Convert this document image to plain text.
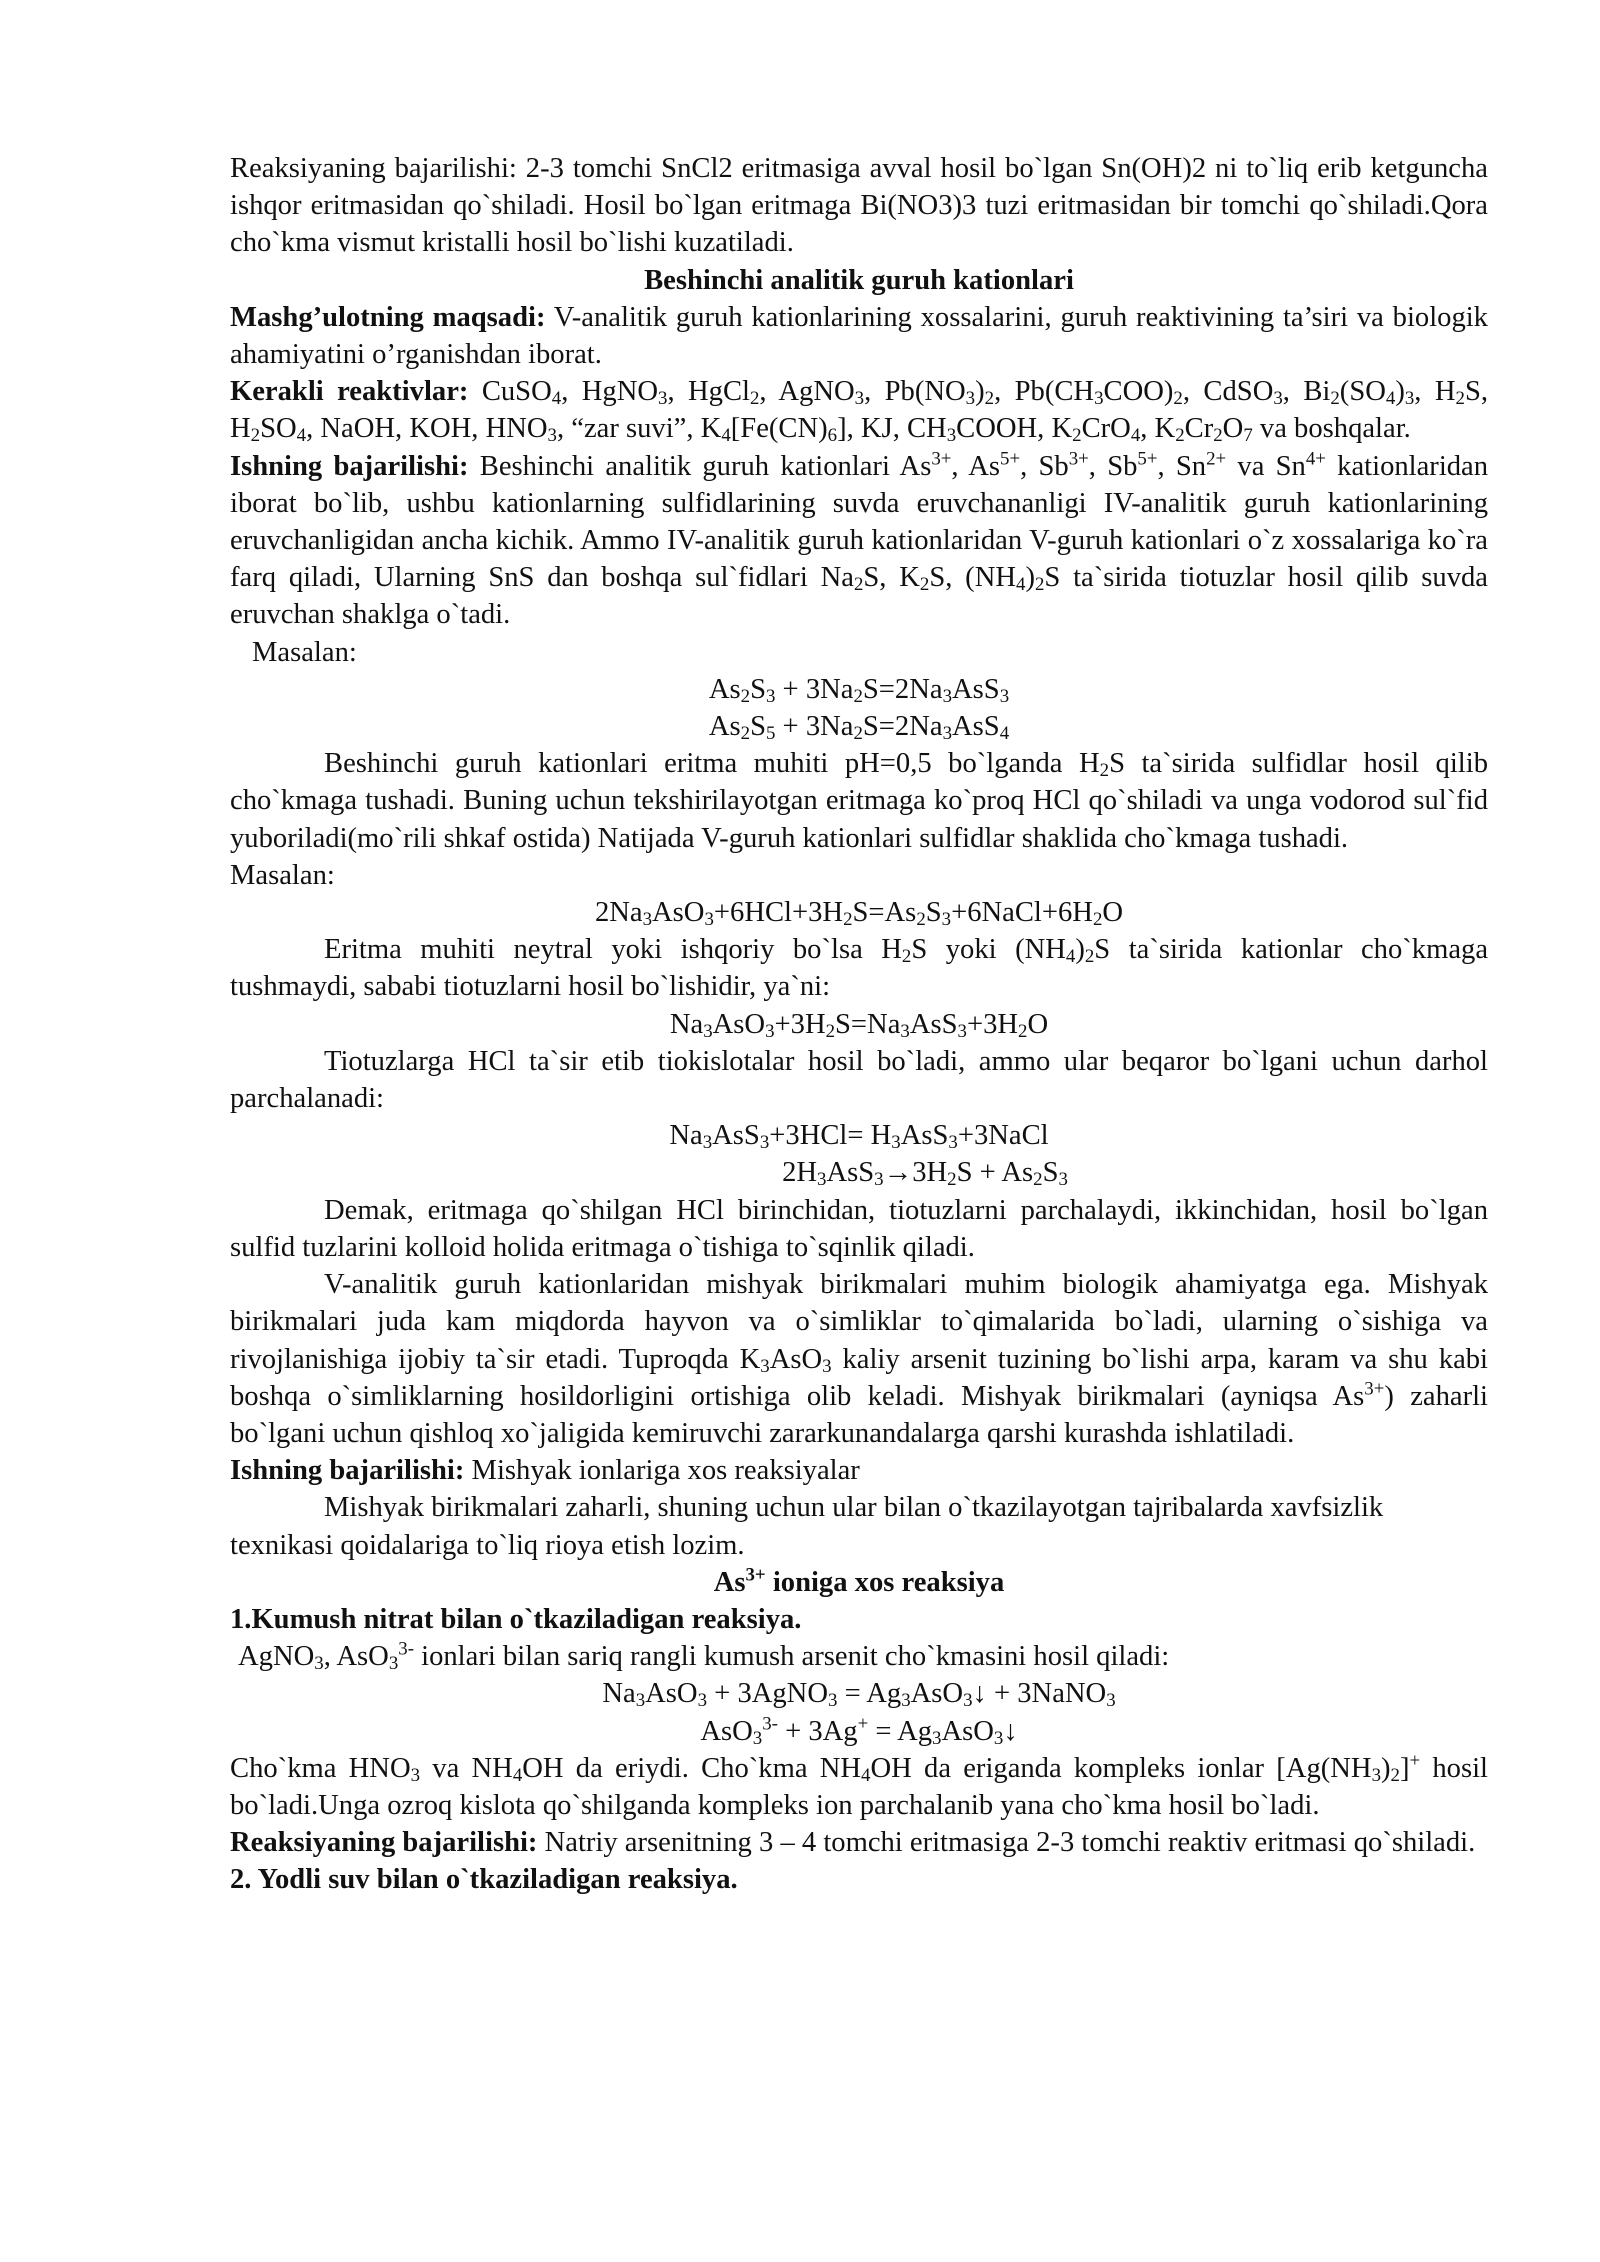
Reaksiyaning bajarilishi: 2-3 tomchi SnCl2 eritmasiga avval hosil bo`lgan Sn(OH)2 ni to`liq erib ketguncha ishqor eritmasidan qo`shiladi. Hosil bo`lgan eritmaga Bi(NO3)3 tuzi eritmasidan bir tomchi qo`shiladi.Qora cho`kma vismut kristalli hosil bo`lishi kuzatiladi.

Beshinchi analitik guruh kationlari

Mashg’ulotning maqsadi: V-analitik guruh kationlarining xossalarini, guruh reaktivining ta’siri va biologik ahamiyatini o’rganishdan iborat.

Kerakli reaktivlar: CuSO$_4$, HgNO$_3$, HgCl$_2$, AgNO$_3$, $Pb(NO_3)_2$, $Pb(CH_3COO)_2$, CdSO$_3$, $Bi_2(SO_4)_3$, $H_2S$, $H_2SO_4$, NaOH, KOH, $HNO_3$, “zar suvi”, $K_4[Fe(CN)_6]$, KJ, $CH_3COOH$, $K_2CrO_4$, $K_2Cr_2O_7$ va boshqalar.

Ishning bajarilishi: Beshinchi analitik guruh kationlari $As^{3+}$, $As^{5+}$, $Sb^{3+}$, $Sb^{5+}$, $Sn^{2+}$ va $Sn^{4+}$ kationlaridan iborat bo`lib, ushbu kationlarning sulfidlarining suvda eruvchananligi IV-analitik guruh kationlarining eruvchanligidan ancha kichik. Ammo IV-analitik guruh kationlaridan V-guruh kationlari o`z xossalariga ko`ra farq qiladi, Ularning SnS dan boshqa sul`fidlari $Na_2S$, $K_2S$, $(NH_4)_2S$ ta`sirida tiotuzlar hosil qilib suvda eruvchan shaklga o`tadi.

Masalan:

$As_2S_3 + 3Na_2S=2Na_3AsS_3$

$As_2S_5 + 3Na_2S=2Na_3AsS_4$

Beshinchi guruh kationlari eritma muhiti pH=0,5 bo`lganda $H_2S$ ta`sirida sulfidlar hosil qilib cho`kmaga tushadi. Buning uchun tekshirilayotgan eritmaga ko`proq HCl qo`shiladi va unga vodorod sul`fid yuboriladi(mo`rili shkaf ostida) Natijada V-guruh kationlari sulfidlar shaklida cho`kmaga tushadi.

Masalan:

$2Na_3AsO_3+6HCl+3H_2S=As_2S_3+6NaCl+6H_2O$

Eritma muhiti neytral yoki ishqoriy bo`lsa $H_2S$ yoki $(NH_4)_2S$ ta`sirida kationlar cho`kmaga tushmaydi, sababi tiotuzlarni hosil bo`lishidir, ya`ni:

$Na_3AsO_3+3H_2S=Na_3AsS_3+3H_2O$

Tiotuzlarga HCl ta`sir etib tiokislotalar hosil bo`ladi, ammo ular beqaror bo`lgani uchun darhol parchalanadi:

$Na_3AsS_3+3HCl=$ $H_3AsS_3+3NaCl$

$2H_3AsS_3\to 3H_2S + As_2S_3$

Demak, eritmaga qo`shilgan HCl birinchidan, tiotuzlarni parchalaydi, ikkinchidan, hosil bo`lgan sulfid tuzlarini kolloid holida eritmaga o`tishiga to`sqinlik qiladi.

V-analitik guruh kationlaridan mishyak birikmalari muhim biologik ahamiyatga ega. Mishyak birikmalari juda kam miqdorda hayvon va o`simliklar to`qimalarida bo`ladi, ularning o`sishiga va rivojlanishiga ijobiy ta`sir etadi. Tuproqda $K_3AsO_3$ kaliy arsenit tuzining bo`lishi arpa, karam va shu kabi boshqa o`simliklarning hosildorligini ortishiga olib keladi. Mishyak birikmalari (ayniqsa $As^{3+}$) zaharli bo`lgani uchun qishloq xo`jaligida kemiruvchi zararkunandalarga qarshi kurashda ishlatiladi.

Ishning bajarilishi: Mishyak ionlariga xos reaksiyalar

Mishyak birikmalari zaharli, shuning uchun ular bilan o`tkazilayotgan tajribalarda xavfsizlik texnikasi qoidalariga to`liq rioya etish lozim.

$As^{3+}$ ioniga xos reaksiya

1.Kumush nitrat bilan o`tkaziladigan reaksiya.

AgNO$_3$, AsO$_3^{3-}$ ionlari bilan sariq rangli kumush arsenit cho`kmasini hosil qiladi:

$Na_3AsO_3$ + 3AgNO$_3$ = $Ag_3AsO_3↓$ + 3NaNO$_3$

$AsO_3^{3-} + 3Ag^+ = Ag_3AsO_3↓$

Cho`kma $HNO_3$ va $NH_4OH$ da eriydi. Cho`kma $NH_4OH$ da eriganda kompleks ionlar $[Ag(NH_3)_2]^+$ hosil bo`ladi.Unga ozroq kislota qo`shilganda kompleks ion parchalanib yana cho`kma hosil bo`ladi.

Reaksiyaning bajarilishi: Natriy arsenitning 3 – 4 tomchi eritmasiga 2-3 tomchi reaktiv eritmasi qo`shiladi.

2. Yodli suv bilan o`tkaziladigan reaksiya.
